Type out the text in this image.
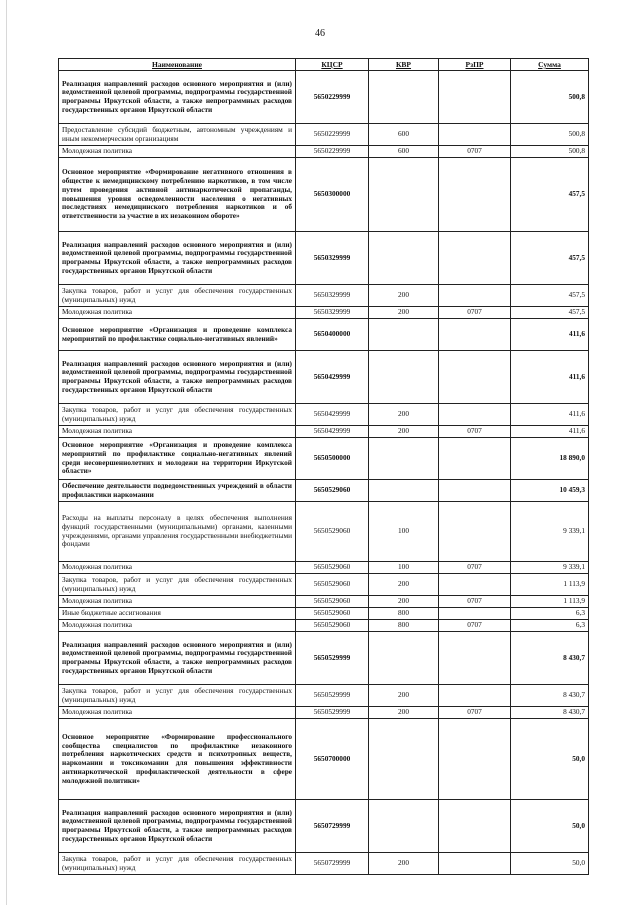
46
Наименование	КЦСР	КВР	РзПР	Сумма
Реализация направлений расходов основного мероприятия и (или) ведомственной целевой программы, подпрограммы государственной программы Иркутской области, а также непрограммных расходов государственных органов Иркутской области	5650229999			500,8
Предоставление субсидий бюджетным, автономным учреждениям и иным некоммерческим организациям	5650229999	600		500,8
Молодежная политика	5650229999	600	0707	500,8
Основное мероприятие «Формирование негативного отношения в обществе к немедицинскому потреблению наркотиков, в том числе путем проведения активной антинаркотической пропаганды, повышения уровня осведомленности населения о негативных последствиях немедицинского потребления наркотиков и об ответственности за участие в их незаконном обороте»	5650300000			457,5
Реализация направлений расходов основного мероприятия и (или) ведомственной целевой программы, подпрограммы государственной программы Иркутской области, а также непрограммных расходов государственных органов Иркутской области	5650329999			457,5
Закупка товаров, работ и услуг для обеспечения государственных (муниципальных) нужд	5650329999	200		457,5
Молодежная политика	5650329999	200	0707	457,5
Основное мероприятие «Организация и проведение комплекса мероприятий по профилактике социально-негативных явлений»	5650400000			411,6
Реализация направлений расходов основного мероприятия и (или) ведомственной целевой программы, подпрограммы государственной программы Иркутской области, а также непрограммных расходов государственных органов Иркутской области	5650429999			411,6
Закупка товаров, работ и услуг для обеспечения государственных (муниципальных) нужд	5650429999	200		411,6
Молодежная политика	5650429999	200	0707	411,6
Основное мероприятие «Организация и проведение комплекса мероприятий по профилактике социально-негативных явлений среди несовершеннолетних и молодежи на территории Иркутской области»	5650500000			18 890,0
Обеспечение деятельности подведомственных учреждений в области профилактики наркомании	5650529060			10 459,3
Расходы на выплаты персоналу в целях обеспечения выполнения функций государственными (муниципальными) органами, казенными учреждениями, органами управления государственными внебюджетными фондами	5650529060	100		9 339,1
Молодежная политика	5650529060	100	0707	9 339,1
Закупка товаров, работ и услуг для обеспечения государственных (муниципальных) нужд	5650529060	200		1 113,9
Молодежная политика	5650529060	200	0707	1 113,9
Иные бюджетные ассигнования	5650529060	800		6,3
Молодежная политика	5650529060	800	0707	6,3
Реализация направлений расходов основного мероприятия и (или) ведомственной целевой программы, подпрограммы государственной программы Иркутской области, а также непрограммных расходов государственных органов Иркутской области	5650529999			8 430,7
Закупка товаров, работ и услуг для обеспечения государственных (муниципальных) нужд	5650529999	200		8 430,7
Молодежная политика	5650529999	200	0707	8 430,7
Основное мероприятие «Формирование профессионального сообщества специалистов по профилактике незаконного потребления наркотических средств и психотропных веществ, наркомании и токсикомании для повышения эффективности антинаркотической профилактической деятельности в сфере молодежной политики»	5650700000			50,0
Реализация направлений расходов основного мероприятия и (или) ведомственной целевой программы, подпрограммы государственной программы Иркутской области, а также непрограммных расходов государственных органов Иркутской области	5650729999			50,0
Закупка товаров, работ и услуг для обеспечения государственных (муниципальных) нужд	5650729999	200		50,0
